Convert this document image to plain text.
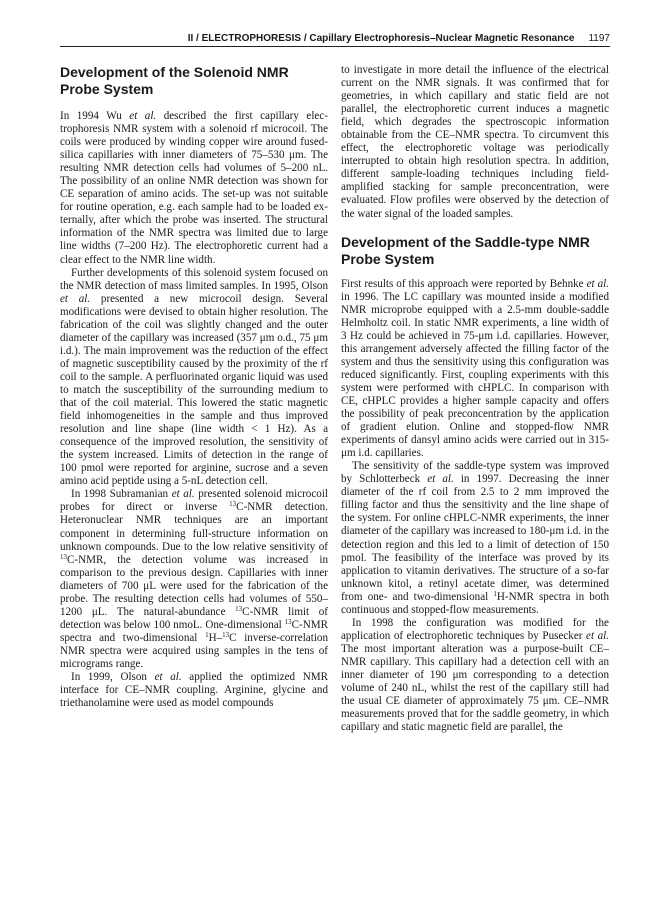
II / ELECTROPHORESIS / Capillary Electrophoresis–Nuclear Magnetic Resonance 1197
Development of the Solenoid NMR Probe System

In 1994 Wu et al. described the first capillary electrophoresis NMR system with a solenoid rf microcoil. The coils were produced by winding copper wire around fused-silica capillaries with inner diameters of 75–530 μm. The resulting NMR detection cells had volumes of 5–200 nL. The possibility of an online NMR detection was shown for CE separation of amino acids. The set-up was not suitable for routine operation, e.g. each sample had to be loaded externally, after which the probe was inserted. The structural information of the NMR spectra was limited due to large line widths (7–200 Hz). The electrophoretic current had a clear effect to the NMR line width.

Further developments of this solenoid system focused on the NMR detection of mass limited samples. In 1995, Olson et al. presented a new microcoil design. Several modifications were devised to obtain higher resolution. The fabrication of the coil was slightly changed and the outer diameter of the capillary was increased (357 μm o.d., 75 μm i.d.). The main improvement was the reduction of the effect of magnetic susceptibility caused by the proximity of the rf coil to the sample. A perfluorinated organic liquid was used to match the susceptibility of the surrounding medium to that of the coil material. This lowered the static magnetic field inhomogeneities in the sample and thus improved resolution and line shape (line width < 1 Hz). As a consequence of the improved resolution, the sensitivity of the system increased. Limits of detection in the range of 100 pmol were reported for arginine, sucrose and a seven amino acid peptide using a 5-nL detection cell.

In 1998 Subramanian et al. presented solenoid microcoil probes for direct or inverse $^{13}$C-NMR detection. Heteronuclear NMR techniques are an important component in determining full-structure information on unknown compounds. Due to the low relative sensitivity of $^{13}$C-NMR, the detection volume was increased in comparison to the previous design. Capillaries with inner diameters of 700 μL were used for the fabrication of the probe. The resulting detection cells had volumes of 550–1200 μL. The natural-abundance $^{13}$C-NMR limit of detection was below 100 nmoL. One-dimensional $^{13}$C-NMR spectra and two-dimensional $^1$H–$^{13}$C inverse-correlation NMR spectra were acquired using samples in the tens of micrograms range.

In 1999, Olson et al. applied the optimized NMR interface for CE–NMR coupling. Arginine, glycine and triethanolamine were used as model compounds

to investigate in more detail the influence of the electrical current on the NMR signals. It was confirmed that for geometries, in which capillary and static field are not parallel, the electrophoretic current induces a magnetic field, which degrades the spectroscopic information obtainable from the CE–NMR spectra. To circumvent this effect, the electrophoretic voltage was periodically interrupted to obtain high resolution spectra. In addition, different sample-loading techniques including field-amplified stacking for sample preconcentration, were evaluated. Flow profiles were observed by the detection of the water signal of the loaded samples.

Development of the Saddle-type NMR Probe System

First results of this approach were reported by Behnke et al. in 1996. The LC capillary was mounted inside a modified NMR microprobe equipped with a 2.5-mm double-saddle Helmholtz coil. In static NMR experiments, a line width of 3 Hz could be achieved in 75-μm i.d. capillaries. However, this arrangement adversely affected the filling factor of the system and thus the sensitivity using this configuration was reduced significantly. First, coupling experiments with this system were performed with cHPLC. In comparison with CE, cHPLC provides a higher sample capacity and offers the possibility of peak preconcentration by the application of gradient elution. Online and stopped-flow NMR experiments of dansyl amino acids were carried out in 315-μm i.d. capillaries.

The sensitivity of the saddle-type system was improved by Schlotterbeck et al. in 1997. Decreasing the inner diameter of the rf coil from 2.5 to 2 mm improved the filling factor and thus the sensitivity and the line shape of the system. For online cHPLC-NMR experiments, the inner diameter of the capillary was increased to 180-μm i.d. in the detection region and this led to a limit of detection of 150 pmol. The feasibility of the interface was proved by its application to vitamin derivatives. The structure of a so-far unknown kitol, a retinyl acetate dimer, was determined from one- and two-dimensional $^1$H-NMR spectra in both continuous and stopped-flow measurements.

In 1998 the configuration was modified for the application of electrophoretic techniques by Pusecker et al. The most important alteration was a purpose-built CE–NMR capillary. This capillary had a detection cell with an inner diameter of 190 μm corresponding to a detection volume of 240 nL, whilst the rest of the capillary still had the usual CE diameter of approximately 75 μm. CE–NMR measurements proved that for the saddle geometry, in which capillary and static magnetic field are parallel, the
